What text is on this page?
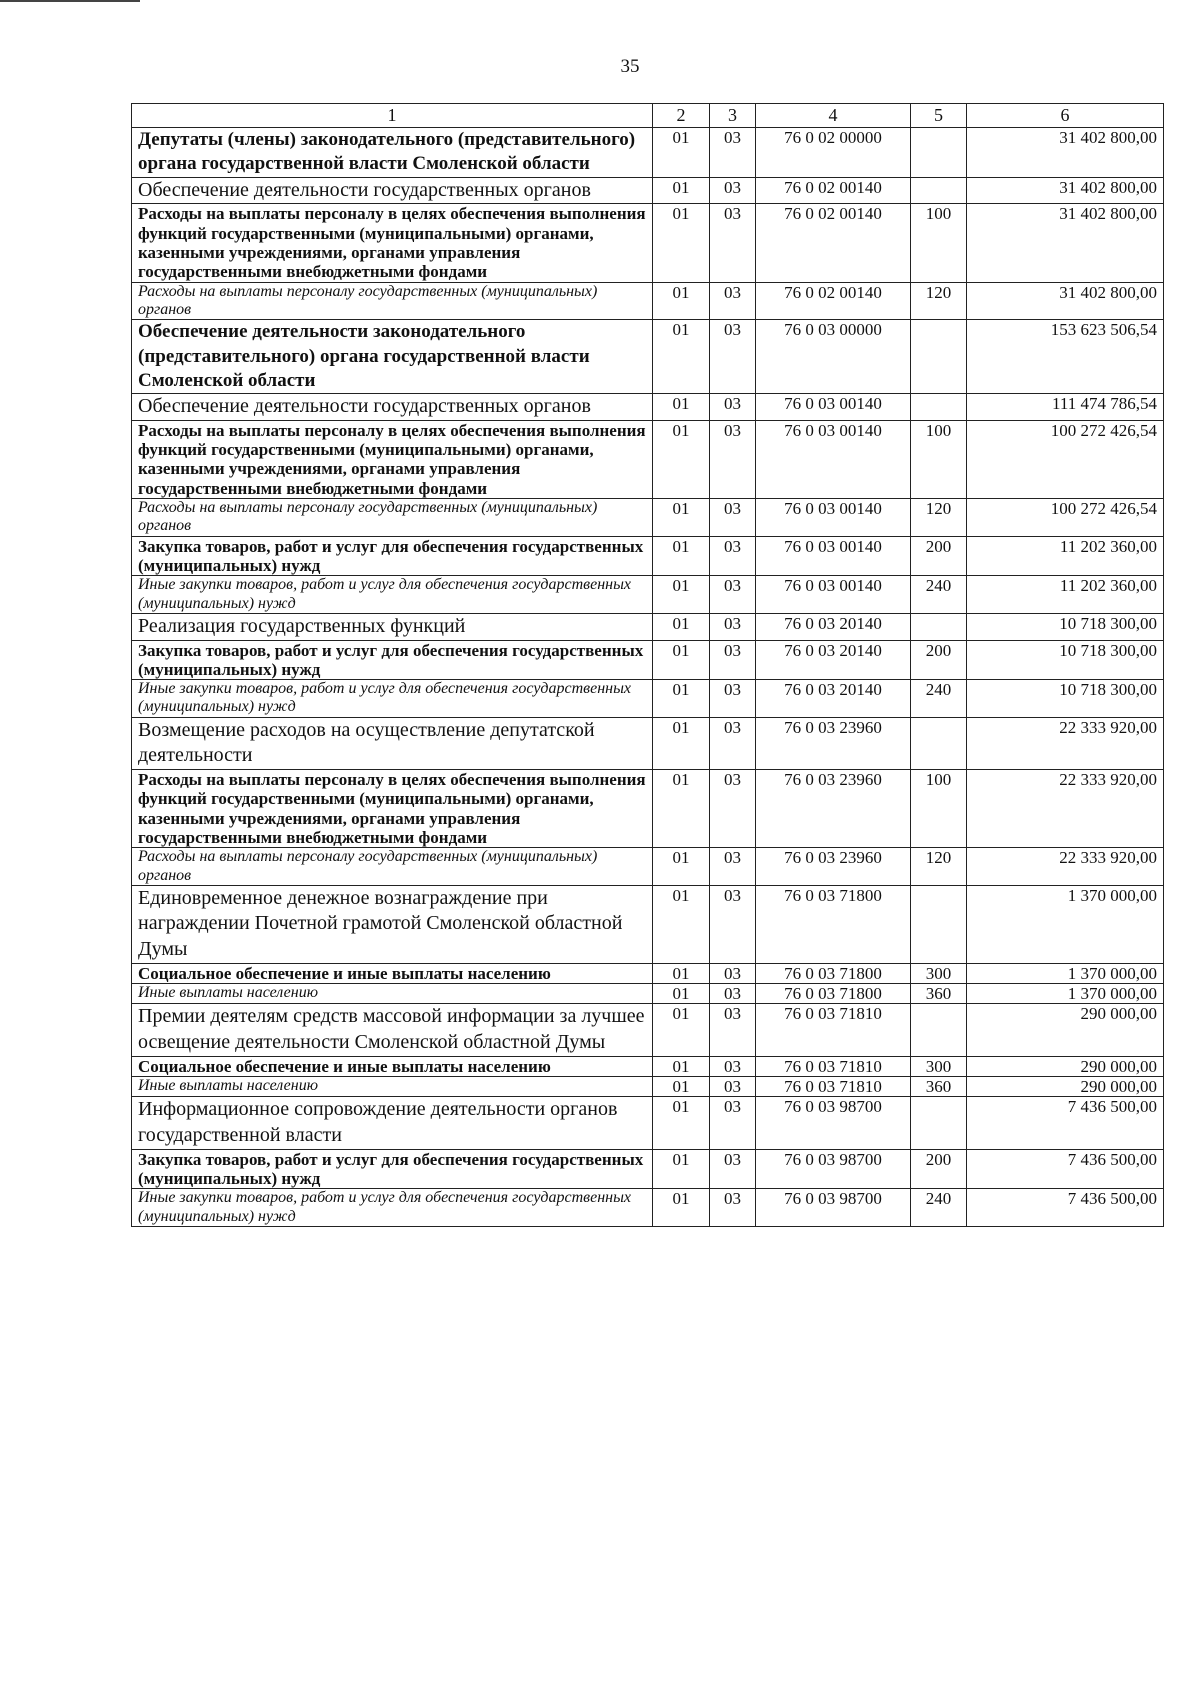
35
1	2	3	4	5	6
Депутаты (члены) законодательного (представительного) органа государственной власти Смоленской области	01	03	76 0 02 00000		31 402 800,00
Обеспечение деятельности государственных органов	01	03	76 0 02 00140		31 402 800,00
Расходы на выплаты персоналу в целях обеспечения выполнения функций государственными (муниципальными) органами, казенными учреждениями, органами управления государственными внебюджетными фондами	01	03	76 0 02 00140	100	31 402 800,00
Расходы на выплаты персоналу государственных (муниципальных) органов	01	03	76 0 02 00140	120	31 402 800,00
Обеспечение деятельности законодательного (представительного) органа государственной власти Смоленской области	01	03	76 0 03 00000		153 623 506,54
Обеспечение деятельности государственных органов	01	03	76 0 03 00140		111 474 786,54
Расходы на выплаты персоналу в целях обеспечения выполнения функций государственными (муниципальными) органами, казенными учреждениями, органами управления государственными внебюджетными фондами	01	03	76 0 03 00140	100	100 272 426,54
Расходы на выплаты персоналу государственных (муниципальных) органов	01	03	76 0 03 00140	120	100 272 426,54
Закупка товаров, работ и услуг для обеспечения государственных (муниципальных) нужд	01	03	76 0 03 00140	200	11 202 360,00
Иные закупки товаров, работ и услуг для обеспечения государственных (муниципальных) нужд	01	03	76 0 03 00140	240	11 202 360,00
Реализация государственных функций	01	03	76 0 03 20140		10 718 300,00
Закупка товаров, работ и услуг для обеспечения государственных (муниципальных) нужд	01	03	76 0 03 20140	200	10 718 300,00
Иные закупки товаров, работ и услуг для обеспечения государственных (муниципальных) нужд	01	03	76 0 03 20140	240	10 718 300,00
Возмещение расходов на осуществление депутатской деятельности	01	03	76 0 03 23960		22 333 920,00
Расходы на выплаты персоналу в целях обеспечения выполнения функций государственными (муниципальными) органами, казенными учреждениями, органами управления государственными внебюджетными фондами	01	03	76 0 03 23960	100	22 333 920,00
Расходы на выплаты персоналу государственных (муниципальных) органов	01	03	76 0 03 23960	120	22 333 920,00
Единовременное денежное вознаграждение при награждении Почетной грамотой Смоленской областной Думы	01	03	76 0 03 71800		1 370 000,00
Социальное обеспечение и иные выплаты населению	01	03	76 0 03 71800	300	1 370 000,00
Иные выплаты населению	01	03	76 0 03 71800	360	1 370 000,00
Премии деятелям средств массовой информации за лучшее освещение деятельности Смоленской областной Думы	01	03	76 0 03 71810		290 000,00
Социальное обеспечение и иные выплаты населению	01	03	76 0 03 71810	300	290 000,00
Иные выплаты населению	01	03	76 0 03 71810	360	290 000,00
Информационное сопровождение деятельности органов государственной власти	01	03	76 0 03 98700		7 436 500,00
Закупка товаров, работ и услуг для обеспечения государственных (муниципальных) нужд	01	03	76 0 03 98700	200	7 436 500,00
Иные закупки товаров, работ и услуг для обеспечения государственных (муниципальных) нужд	01	03	76 0 03 98700	240	7 436 500,00
